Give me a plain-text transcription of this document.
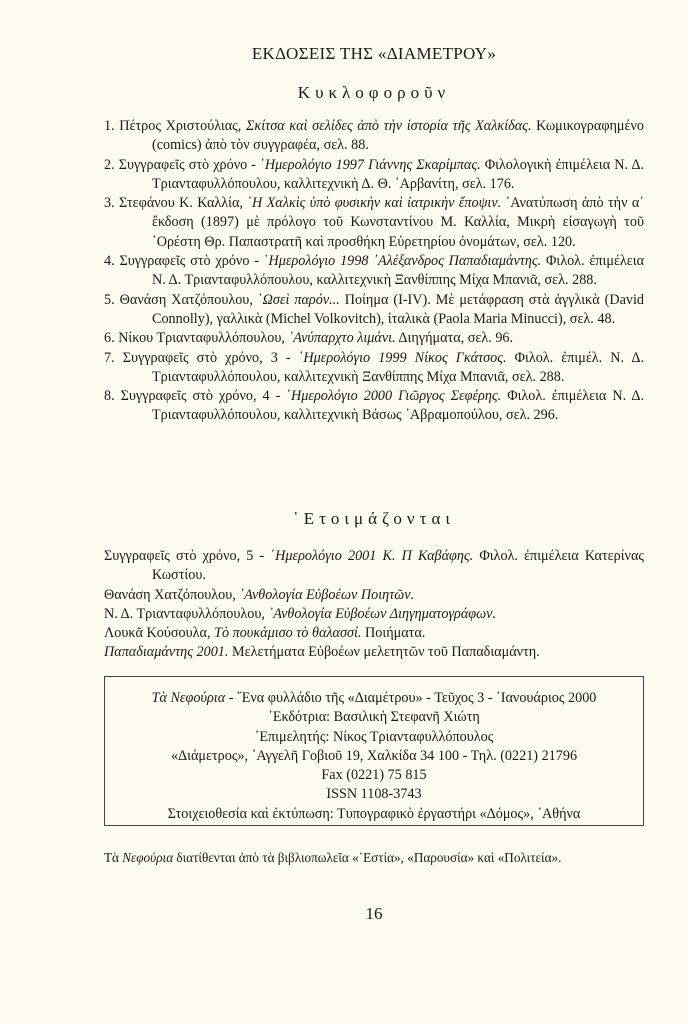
ΕΚΔΟΣΕΙΣ ΤΗΣ «ΔΙΑΜΕΤΡΟΥ»
Κυκλοφοροῦν
1. Πέτρος Χριστούλιας, Σκίτσα καὶ σελίδες ἀπὸ τὴν ἱστορία τῆς Χαλκίδας. Κωμικογραφημένο (comics) ἀπὸ τὸν συγγραφέα, σελ. 88.
2. Συγγραφεῖς στὸ χρόνο - ῾Ημερολόγιο 1997 Γιάννης Σκαρίμπας. Φιλολογικὴ ἐπιμέλεια Ν. Δ. Τριανταφυλλόπουλου, καλλιτεχνικὴ Δ. Θ. ᾿Αρβανίτη, σελ. 176.
3. Στεφάνου Κ. Καλλία, ῾Η Χαλκὶς ὑπὸ φυσικὴν καὶ ἰατρικὴν ἔποψιν. ᾿Ανατύπωση ἀπὸ τὴν α΄ ἔκδοση (1897) μὲ πρόλογο τοῦ Κωνσταντίνου Μ. Καλλία, Μικρὴ εἰσαγωγὴ τοῦ ᾿Ορέστη Θρ. Παπαστρατῆ καὶ προσθήκη Εὑρετηρίου ὀνομάτων, σελ. 120.
4. Συγγραφεῖς στὸ χρόνο - ῾Ημερολόγιο 1998 ᾿Αλέξανδρος Παπαδιαμάντης. Φιλολ. ἐπιμέλεια Ν. Δ. Τριανταφυλλόπουλου, καλλιτεχνικὴ Ξανθίππης Μίχα Μπανιᾶ, σελ. 288.
5. Θανάση Χατζόπουλου, ῾Ωσεὶ παρόν... Ποίημα (I-IV). Μὲ μετάφραση στὰ ἀγγλικὰ (David Connolly), γαλλικὰ (Michel Volkovitch), ἰταλικὰ (Paola Maria Minucci), σελ. 48.
6. Νίκου Τριανταφυλλόπουλου, ᾿Ανύπαρχτο λιμάνι. Διηγήματα, σελ. 96.
7. Συγγραφεῖς στὸ χρόνο, 3 - ῾Ημερολόγιο 1999 Νίκος Γκάτσος. Φιλολ. ἐπιμέλ. Ν. Δ. Τριανταφυλλόπουλου, καλλιτεχνικὴ Ξανθίππης Μίχα Μπανιᾶ, σελ. 288.
8. Συγγραφεῖς στὸ χρόνο, 4 - ῾Ημερολόγιο 2000 Γιῶργος Σεφέρης. Φιλολ. ἐπιμέλεια Ν. Δ. Τριανταφυλλόπουλου, καλλιτεχνικὴ Βάσως ᾿Αβραμοπούλου, σελ. 296.
῾Ετοιμάζονται
Συγγραφεῖς στὸ χρόνο, 5 - ῾Ημερολόγιο 2001 Κ. Π Καβάφης. Φιλολ. ἐπιμέλεια Κατερίνας Κωστίου.
Θανάση Χατζόπουλου, ᾿Ανθολογία Εὐβοέων Ποιητῶν.
Ν. Δ. Τριανταφυλλόπουλου, ᾿Ανθολογία Εὐβοέων Διηγηματογράφων.
Λουκᾶ Κούσουλα, Τὸ πουκάμισο τὸ θαλασσί. Ποιήματα.
Παπαδιαμάντης 2001. Μελετήματα Εὐβοέων μελετητῶν τοῦ Παπαδιαμάντη.
Τὰ Νεφούρια - ῞Ενα φυλλάδιο τῆς «Διαμέτρου» - Τεῦχος 3 - ᾿Ιανουάριος 2000
᾿Εκδότρια: Βασιλικὴ Στεφανῆ Χιώτη
᾿Επιμελητής: Νίκος Τριανταφυλλόπουλος
«Διάμετρος», ᾿Αγγελῆ Γοβιοῦ 19, Χαλκίδα 34 100 - Τηλ. (0221) 21796
Fax (0221) 75 815
ISSN 1108-3743
Στοιχειοθεσία καὶ ἐκτύπωση: Τυπογραφικὸ ἐργαστήρι «Δόμος», ᾿Αθήνα
Τὰ Νεφούρια διατίθενται ἀπὸ τὰ βιβλιοπωλεῖα «῾Εστία», «Παρουσία» καὶ «Πολιτεία».
16
